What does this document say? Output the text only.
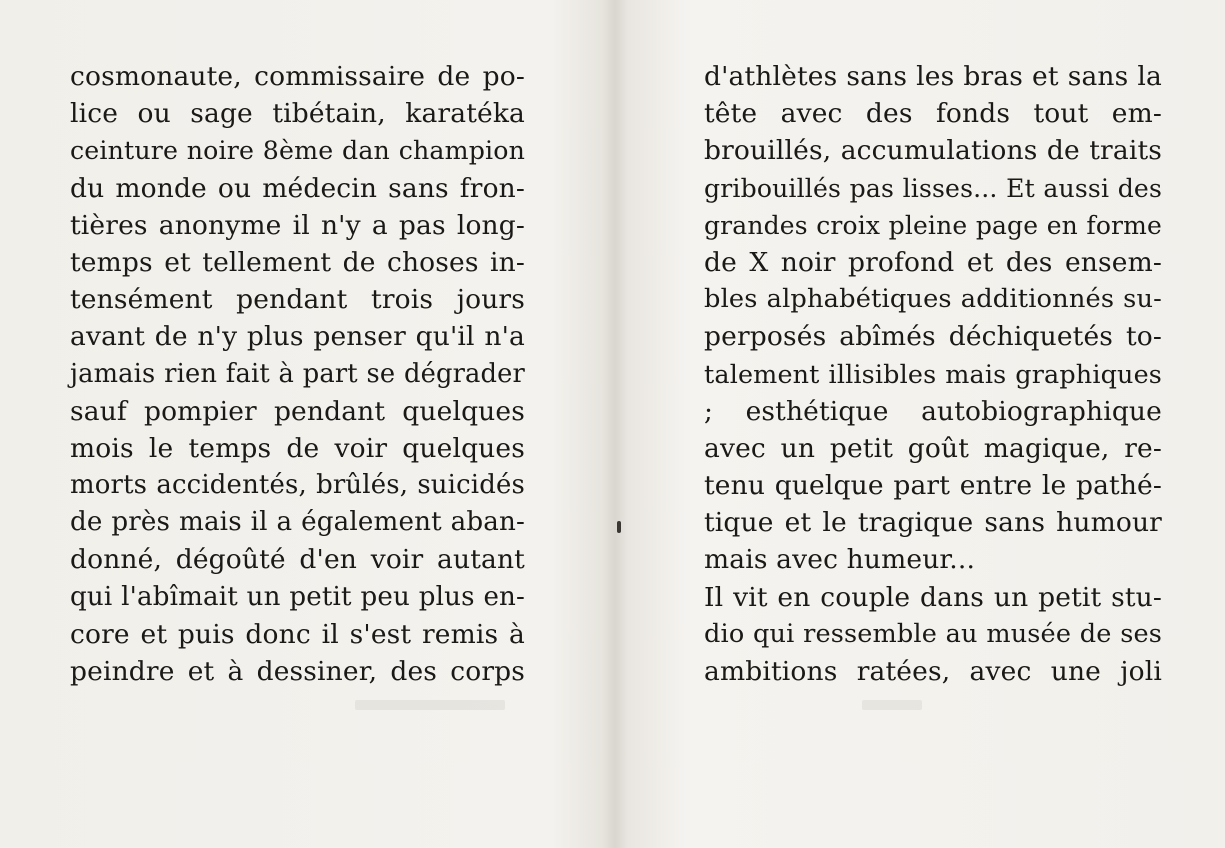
cosmonaute, commissaire de po-
lice ou sage tibétain, karatéka
ceinture noire 8ème dan champion
du monde ou médecin sans fron-
tières anonyme il n'y a pas long-
temps et tellement de choses in-
tensément pendant trois jours
avant de n'y plus penser qu'il n'a
jamais rien fait à part se dégrader
sauf pompier pendant quelques
mois le temps de voir quelques
morts accidentés, brûlés, suicidés
de près mais il a également aban-
donné, dégoûté d'en voir autant
qui l'abîmait un petit peu plus en-
core et puis donc il s'est remis à
peindre et à dessiner, des corps
d'athlètes sans les bras et sans la
tête avec des fonds tout em-
brouillés, accumulations de traits
gribouillés pas lisses... Et aussi des
grandes croix pleine page en forme
de X noir profond et des ensem-
bles alphabétiques additionnés su-
perposés abîmés déchiquetés to-
talement illisibles mais graphiques
; esthétique autobiographique
avec un petit goût magique, re-
tenu quelque part entre le pathé-
tique et le tragique sans humour
mais avec humeur...
Il vit en couple dans un petit stu-
dio qui ressemble au musée de ses
ambitions ratées, avec une joli
